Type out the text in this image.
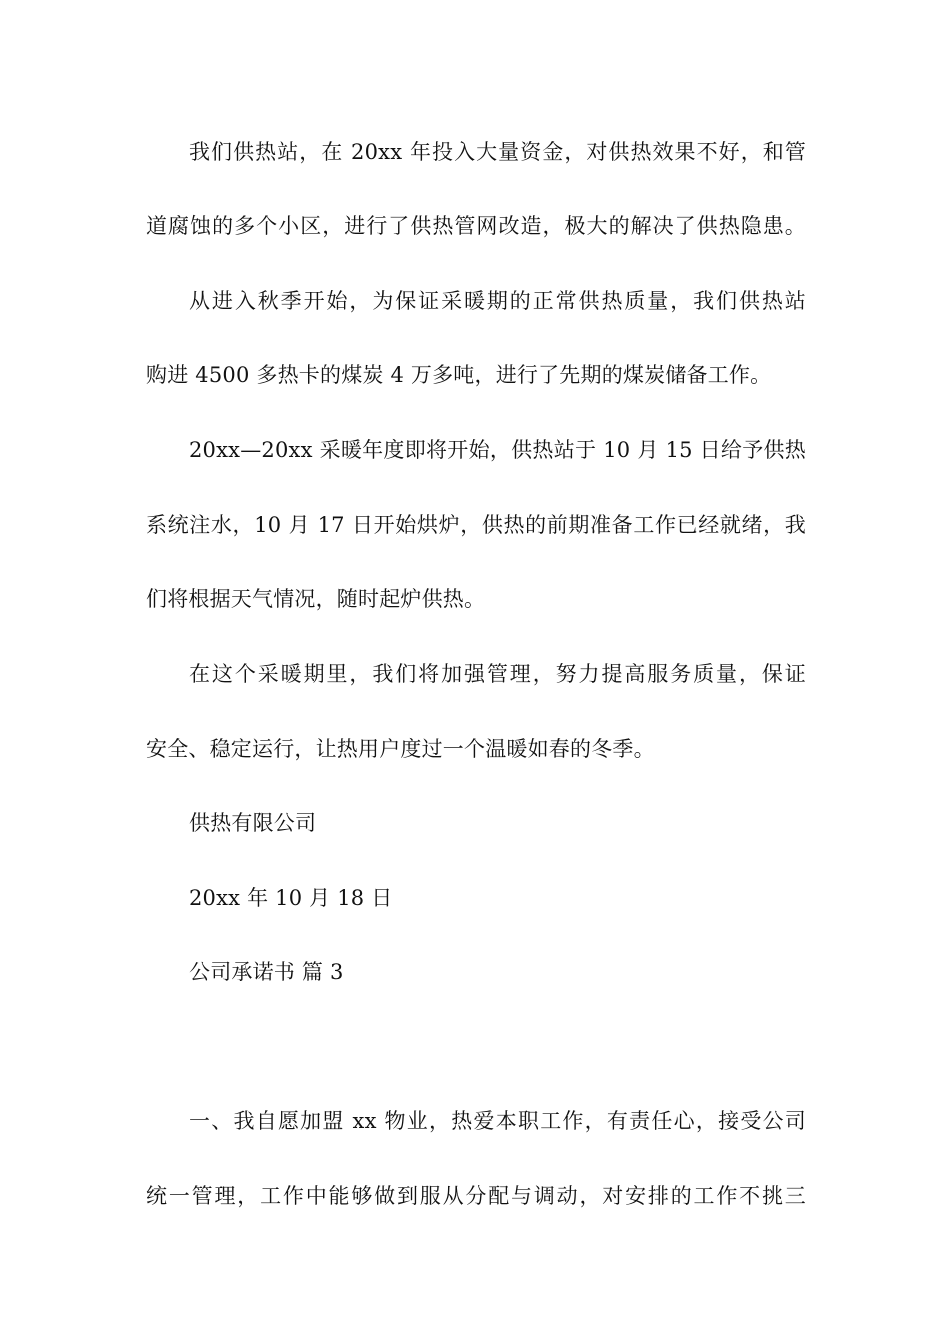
我们供热站，在 20xx 年投入大量资金，对供热效果不好，和管
道腐蚀的多个小区，进行了供热管网改造，极大的解决了供热隐患。
从进入秋季开始，为保证采暖期的正常供热质量，我们供热站
购进 4500 多热卡的煤炭 4 万多吨，进行了先期的煤炭储备工作。
20xx—20xx 采暖年度即将开始，供热站于 10 月 15 日给予供热
系统注水，10 月 17 日开始烘炉，供热的前期准备工作已经就绪，我
们将根据天气情况，随时起炉供热。
在这个采暖期里，我们将加强管理，努力提高服务质量，保证
安全、稳定运行，让热用户度过一个温暖如春的冬季。
供热有限公司
20xx 年 10 月 18 日
公司承诺书 篇 3
一、我自愿加盟 xx 物业，热爱本职工作，有责任心，接受公司
统一管理，工作中能够做到服从分配与调动，对安排的工作不挑三
